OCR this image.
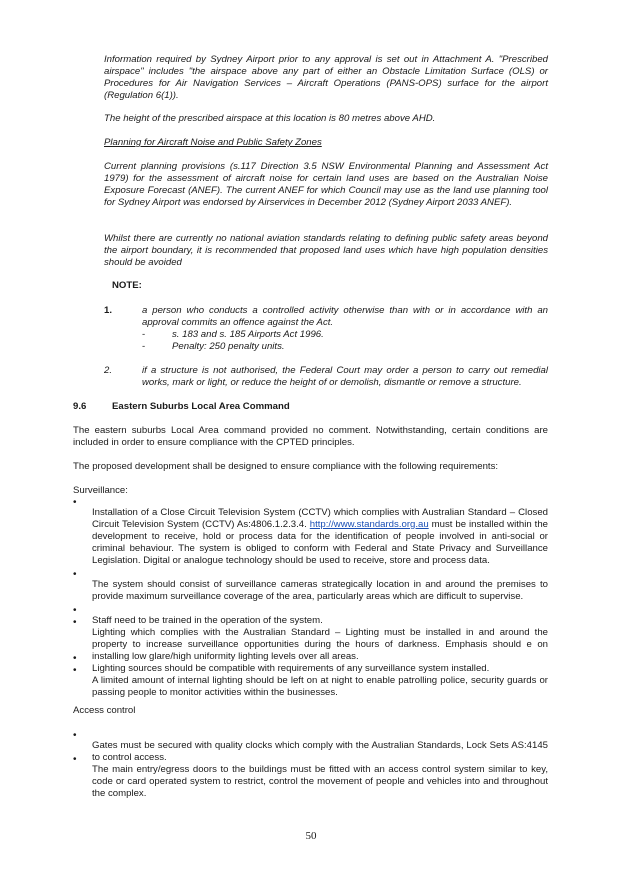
Information required by Sydney Airport prior to any approval is set out in Attachment A. "Prescribed airspace" includes "the airspace above any part of either an Obstacle Limitation Surface (OLS) or Procedures for Air Navigation Services – Aircraft Operations (PANS-OPS) surface for the airport (Regulation 6(1)).

The height of the prescribed airspace at this location is 80 metres above AHD.

Planning for Aircraft Noise and Public Safety Zones

Current planning provisions (s.117 Direction 3.5 NSW Environmental Planning and Assessment Act 1979) for the assessment of aircraft noise for certain land uses are based on the Australian Noise Exposure Forecast (ANEF). The current ANEF for which Council may use as the land use planning tool for Sydney Airport was endorsed by Airservices in December 2012 (Sydney Airport 2033 ANEF).

Whilst there are currently no national aviation standards relating to defining public safety areas beyond the airport boundary, it is recommended that proposed land uses which have high population densities should be avoided

NOTE:

1.	a person who conducts a controlled activity otherwise than with or in accordance with an approval commits an offence against the Act.

-	s. 183 and s. 185 Airports Act 1996.

-	Penalty: 250 penalty units.

2.	if a structure is not authorised, the Federal Court may order a person to carry out remedial works, mark or light, or reduce the height of or demolish, dismantle or remove a structure.

9.6	Eastern Suburbs Local Area Command

The eastern suburbs Local Area command provided no comment. Notwithstanding, certain conditions are included in order to ensure compliance with the CPTED principles.

The proposed development shall be designed to ensure compliance with the following requirements:

Surveillance:

•

Installation of a Close Circuit Television System (CCTV) which complies with Australian Standard – Closed Circuit Television System (CCTV) As:4806.1.2.3.4. http://www.standards.org.au must be installed within the development to receive, hold or process data for the identification of people involved in anti-social or criminal behaviour. The system is obliged to conform with Federal and State Privacy and Surveillance Legislation. Digital or analogue technology should be used to receive, store and process data.

•

The system should consist of surveillance cameras strategically location in and around the premises to provide maximum surveillance coverage of the area, particularly areas which are difficult to supervise.

•

Staff need to be trained in the operation of the system.

•

Lighting which complies with the Australian Standard – Lighting must be installed in and around the property to increase surveillance opportunities during the hours of darkness. Emphasis should e on installing low glare/high uniformity lighting levels over all areas.

•

Lighting sources should be compatible with requirements of any surveillance system installed.

•

A limited amount of internal lighting should be left on at night to enable patrolling police, security guards or passing people to monitor activities within the businesses.

Access control

•

Gates must be secured with quality clocks which comply with the Australian Standards, Lock Sets AS:4145 to control access.

•

The main entry/egress doors to the buildings must be fitted with an access control system similar to key, code or card operated system to restrict, control the movement of people and vehicles into and throughout the complex.

50
